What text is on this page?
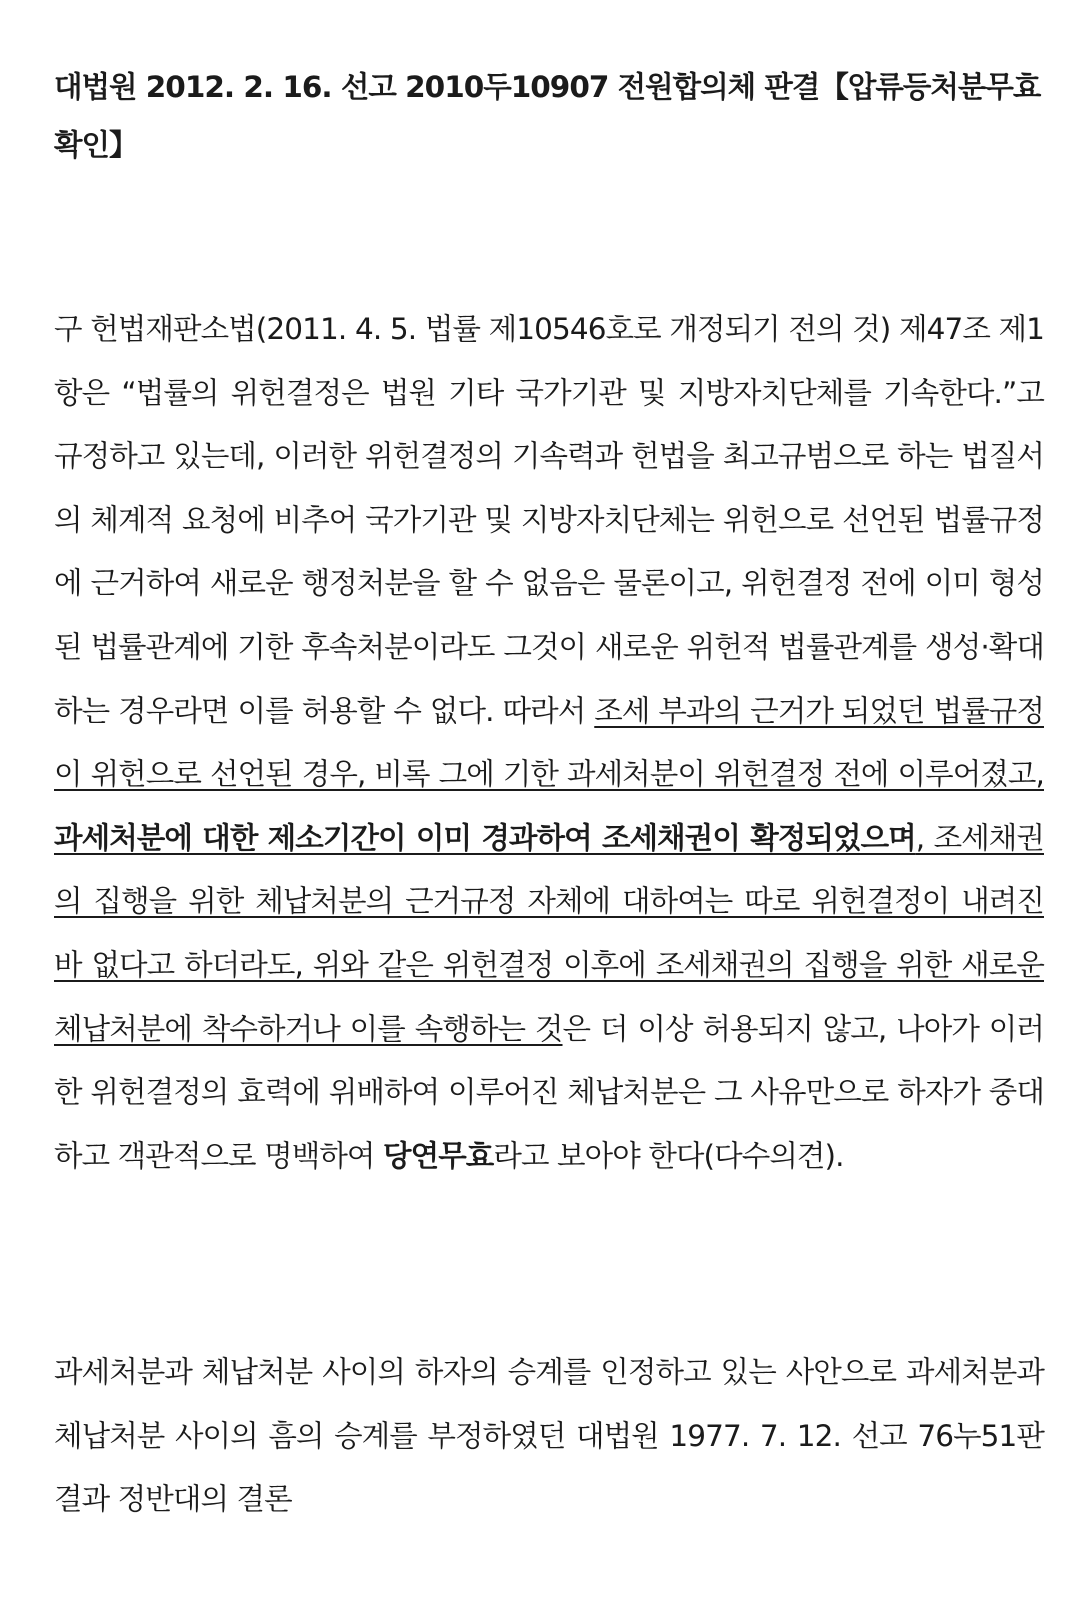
대법원 2012. 2. 16. 선고 2010두10907 전원합의체 판결【압류등처분무효확인】

구 헌법재판소법(2011. 4. 5. 법률 제10546호로 개정되기 전의 것) 제47조 제1항은 “법률의 위헌결정은 법원 기타 국가기관 및 지방자치단체를 기속한다.”고 규정하고 있는데, 이러한 위헌결정의 기속력과 헌법을 최고규범으로 하는 법질서의 체계적 요청에 비추어 국가기관 및 지방자치단체는 위헌으로 선언된 법률규정에 근거하여 새로운 행정처분을 할 수 없음은 물론이고, 위헌결정 전에 이미 형성된 법률관계에 기한 후속처분이라도 그것이 새로운 위헌적 법률관계를 생성·확대하는 경우라면 이를 허용할 수 없다. 따라서 조세 부과의 근거가 되었던 법률규정이 위헌으로 선언된 경우, 비록 그에 기한 과세처분이 위헌결정 전에 이루어졌고, 과세처분에 대한 제소기간이 이미 경과하여 조세채권이 확정되었으며, 조세채권의 집행을 위한 체납처분의 근거규정 자체에 대하여는 따로 위헌결정이 내려진 바 없다고 하더라도, 위와 같은 위헌결정 이후에 조세채권의 집행을 위한 새로운 체납처분에 착수하거나 이를 속행하는 것은 더 이상 허용되지 않고, 나아가 이러한 위헌결정의 효력에 위배하여 이루어진 체납처분은 그 사유만으로 하자가 중대하고 객관적으로 명백하여 당연무효라고 보아야 한다(다수의견).

과세처분과 체납처분 사이의 하자의 승계를 인정하고 있는 사안으로 과세처분과 체납처분 사이의 흠의 승계를 부정하였던 대법원 1977. 7. 12. 선고 76누51판결과 정반대의 결론
